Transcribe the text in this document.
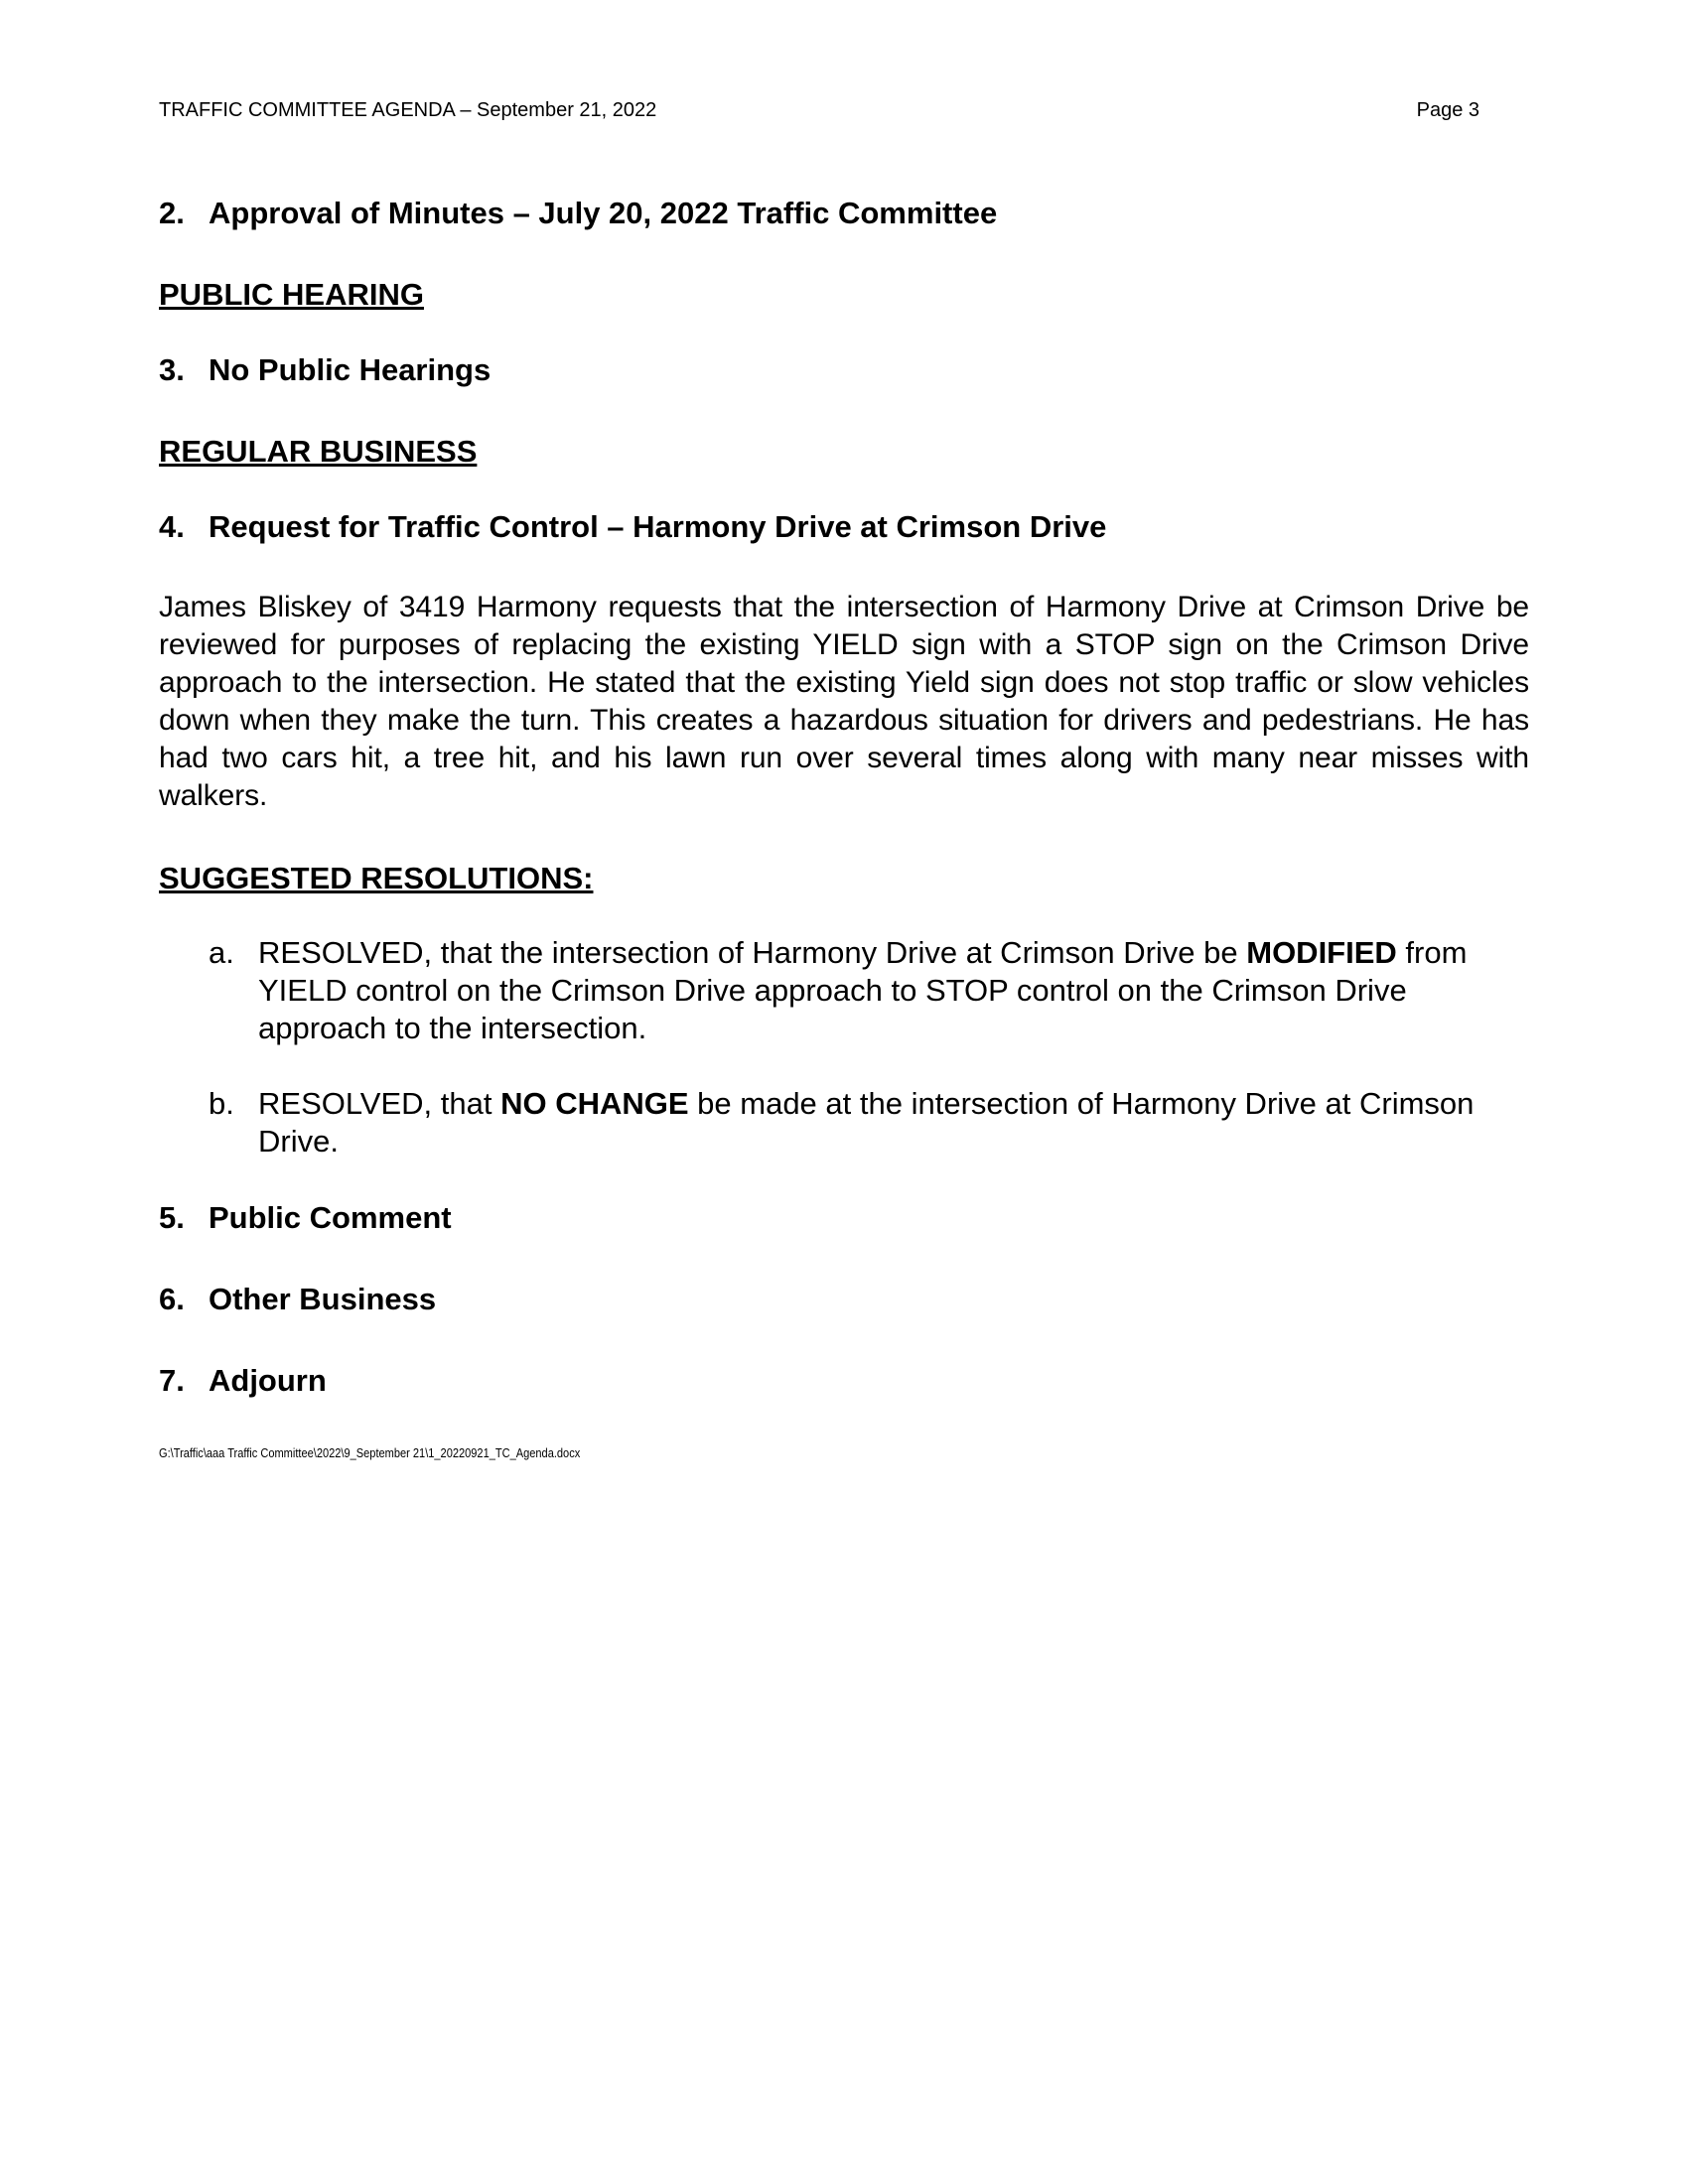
TRAFFIC COMMITTEE AGENDA – September 21, 2022	Page 3
2. Approval of Minutes – July 20, 2022 Traffic Committee
PUBLIC HEARING
3. No Public Hearings
REGULAR BUSINESS
4. Request for Traffic Control – Harmony Drive at Crimson Drive
James Bliskey of 3419 Harmony requests that the intersection of Harmony Drive at Crimson Drive be reviewed for purposes of replacing the existing YIELD sign with a STOP sign on the Crimson Drive approach to the intersection. He stated that the existing Yield sign does not stop traffic or slow vehicles down when they make the turn. This creates a hazardous situation for drivers and pedestrians. He has had two cars hit, a tree hit, and his lawn run over several times along with many near misses with walkers.
SUGGESTED RESOLUTIONS:
a. RESOLVED, that the intersection of Harmony Drive at Crimson Drive be MODIFIED from YIELD control on the Crimson Drive approach to STOP control on the Crimson Drive approach to the intersection.
b. RESOLVED, that NO CHANGE be made at the intersection of Harmony Drive at Crimson Drive.
5. Public Comment
6. Other Business
7. Adjourn
G:\Traffic\aaa Traffic Committee\2022\9_September 21\1_20220921_TC_Agenda.docx
